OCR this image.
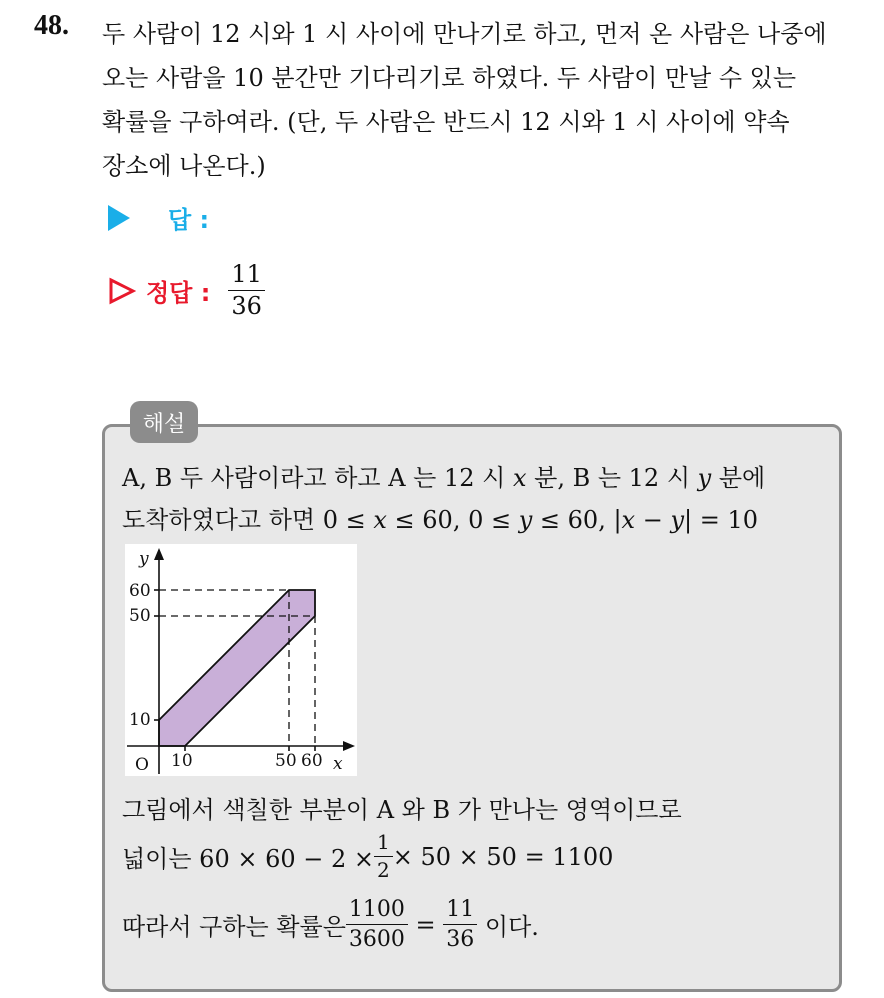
48. 두 사람이 12 시와 1 시 사이에 만나기로 하고, 먼저 온 사람은 나중에
오는 사람을 10 분간만 기다리기로 하였다. 두 사람이 만날 수 있는
확률을 구하여라. (단, 두 사람은 반드시 12 시와 1 시 사이에 약속
장소에 나온다.)
답 :
정답 : $\frac{11}{36}$
해설
A, B 두 사람이라고 하고 A 는 12 시 x 분, B 는 12 시 y 분에
도착하였다고 하면 0 ≤ x ≤ 60, 0 ≤ y ≤ 60, |x − y| = 10
y
x
O
60
50
10
10	50 60
그림에서 색칠한 부분이 A 와 B 가 만나는 영역이므로
넓이는 $60 \times 60 - 2 \times \frac{1}{2} \times 50 \times 50 = 1100$
따라서 구하는 확률은 $\frac{1100}{3600} = \frac{11}{36}$ 이다.
